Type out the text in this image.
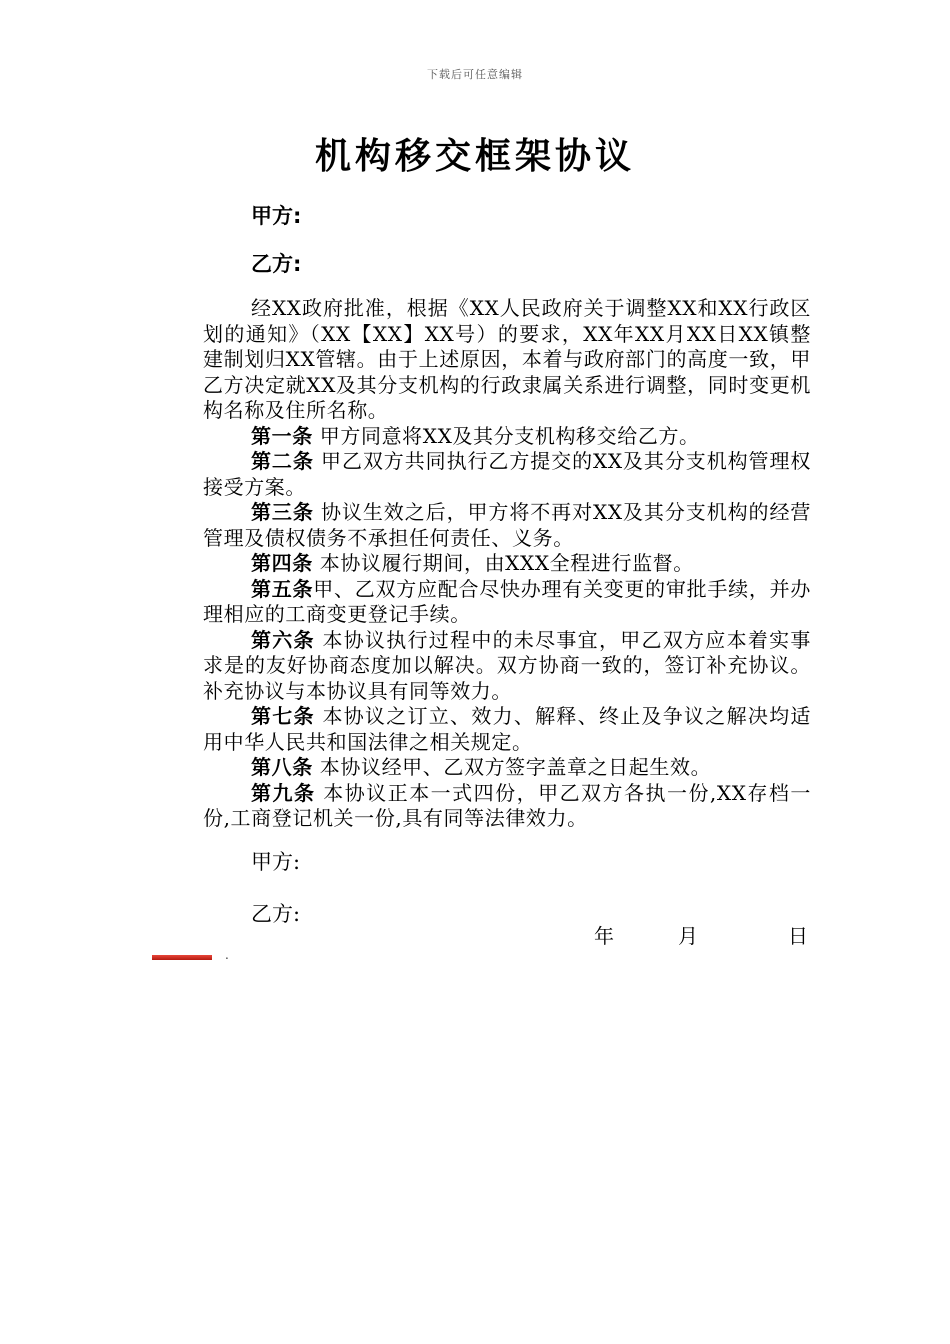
下载后可任意编辑
机构移交框架协议
甲方:
乙方:

经XX政府批准，根据《XX人民政府关于调整XX和XX行政区划的通知》（XX【XX】XX号）的要求，XX年XX月XX日XX镇整建制划归XX管辖。由于上述原因，本着与政府部门的高度一致，甲乙方决定就XX及其分支机构的行政隶属关系进行调整，同时变更机构名称及住所名称。

第一条 甲方同意将XX及其分支机构移交给乙方。

第二条 甲乙双方共同执行乙方提交的XX及其分支机构管理权接受方案。

第三条 协议生效之后，甲方将不再对XX及其分支机构的经营管理及债权债务不承担任何责任、义务。

第四条 本协议履行期间，由XXX全程进行监督。

第五条甲、乙双方应配合尽快办理有关变更的审批手续，并办理相应的工商变更登记手续。

第六条 本协议执行过程中的未尽事宜，甲乙双方应本着实事求是的友好协商态度加以解决。双方协商一致的，签订补充协议。补充协议与本协议具有同等效力。

第七条 本协议之订立、效力、解释、终止及争议之解决均适用中华人民共和国法律之相关规定。

第八条 本协议经甲、乙双方签字盖章之日起生效。

第九条 本协议正本一式四份，甲乙双方各执一份,XX存档一份,工商登记机关一份,具有同等法律效力。

甲方:
乙方:
年	月	日
.
